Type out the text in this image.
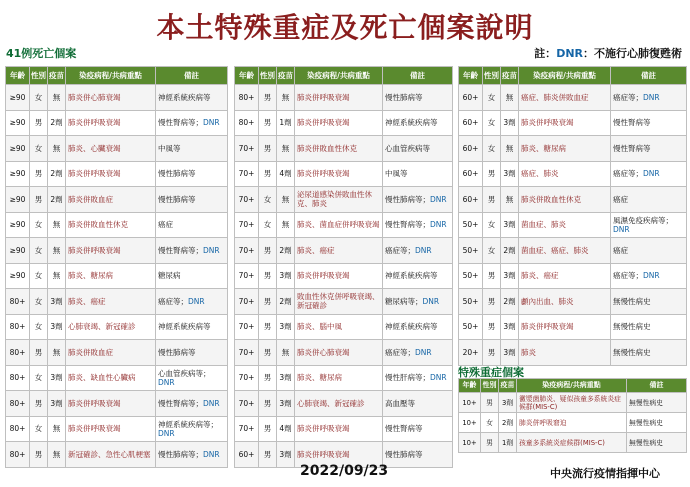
本土特殊重症及死亡個案說明
41例死亡個案	註：DNR：不施行心肺復甦術
年齡	性別	疫苗	染疫病程/共病重點	備註
≥90	女	無	肺炎併心肺衰竭	神經系統疾病等
≥90	男	2劑	肺炎併呼吸衰竭	慢性腎病等；DNR
≥90	女	無	肺炎、心臟衰竭	中風等
≥90	男	2劑	肺炎併呼吸衰竭	慢性肺病等
≥90	男	2劑	肺炎併敗血症	慢性肺病等
≥90	女	無	肺炎併敗血性休克	癌症
≥90	女	無	肺炎併呼吸衰竭	慢性腎病等；DNR
≥90	女	無	肺炎、糖尿病	糖尿病
80+	女	3劑	肺炎、癌症	癌症等；DNR
80+	女	3劑	心肺衰竭、新冠確診	神經系統疾病等
80+	男	無	肺炎併敗血症	慢性肺病等
80+	女	3劑	肺炎、缺血性心臟病	心血管疾病等；DNR
80+	男	3劑	肺炎併呼吸衰竭	慢性腎病等；DNR
80+	女	無	肺炎併呼吸衰竭	神經系統疾病等；DNR
80+	男	無	新冠確診、急性心肌梗塞	慢性肺病等；DNR
年齡	性別	疫苗	染疫病程/共病重點	備註
80+	男	無	肺炎併呼吸衰竭	慢性肺病等
80+	男	1劑	肺炎併呼吸衰竭	神經系統疾病等
70+	男	無	肺炎併敗血性休克	心血管疾病等
70+	男	4劑	肺炎併呼吸衰竭	中風等
70+	女	無	泌尿道感染併敗血性休克、肺炎	慢性肺病等；DNR
70+	女	無	肺炎、菌血症併呼吸衰竭	慢性腎病等；DNR
70+	男	2劑	肺炎、癌症	癌症等；DNR
70+	男	3劑	肺炎併呼吸衰竭	神經系統疾病等
70+	男	2劑	敗血性休克併呼吸衰竭、新冠確診	糖尿病等；DNR
70+	男	3劑	肺炎、腦中風	神經系統疾病等
70+	男	無	肺炎併心肺衰竭	癌症等；DNR
70+	男	3劑	肺炎、糖尿病	慢性肝病等；DNR
70+	男	3劑	心肺衰竭、新冠確診	高血壓等
70+	男	4劑	肺炎併呼吸衰竭	慢性腎病等
60+	男	3劑	肺炎併呼吸衰竭	慢性肺病等
年齡	性別	疫苗	染疫病程/共病重點	備註
60+	女	無	癌症、肺炎併敗血症	癌症等；DNR
60+	女	3劑	肺炎併呼吸衰竭	慢性腎病等
60+	女	無	肺炎、糖尿病	慢性腎病等
60+	男	3劑	癌症、肺炎	癌症等；DNR
60+	男	無	肺炎併敗血性休克	癌症
50+	女	3劑	菌血症、肺炎	風濕免疫疾病等；DNR
50+	女	2劑	菌血症、癌症、肺炎	癌症
50+	男	3劑	肺炎、癌症	癌症等；DNR
50+	男	2劑	顱內出血、肺炎	無慢性病史
50+	男	3劑	肺炎併呼吸衰竭	無慢性病史
20+	男	3劑	肺炎	無慢性病史
特殊重症個案
年齡	性別	疫苗	染疫病程/共病重點	備註
10+	男	3劑	黴漿菌肺炎、疑似孩童多系統炎症候群(MIS-C)	無慢性病史
10+	女	2劑	肺炎併呼吸窘迫	無慢性病史
10+	男	1劑	孩童多系統炎症候群(MIS-C)	無慢性病史
2022/09/23	中央流行疫情指揮中心
